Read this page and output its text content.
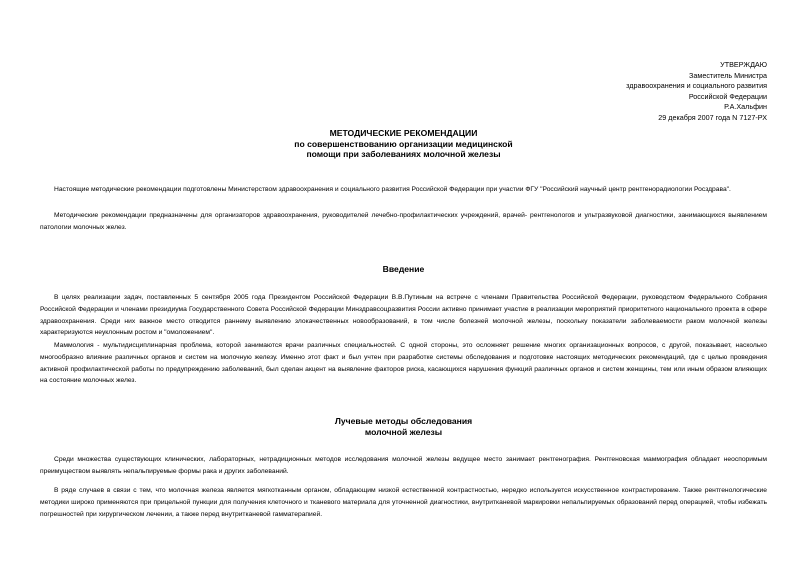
УТВЕРЖДАЮ
Заместитель Министра
здравоохранения и социального развития
Российской Федерации
Р.А.Хальфин
29 декабря 2007 года N 7127-РХ
МЕТОДИЧЕСКИЕ РЕКОМЕНДАЦИИ
по совершенствованию организации медицинской
помощи при заболеваниях молочной железы
Настоящие методические рекомендации подготовлены Министерством здравоохранения и социального развития Российской Федерации при участии ФГУ "Российский научный центр рентгенорадиологии Росздрава".
Методические рекомендации предназначены для организаторов здравоохранения, руководителей лечебно-профилактических учреждений, врачей- рентгенологов и ультразвуковой диагностики, занимающихся выявлением патологии молочных желез.
Введение
В целях реализации задач, поставленных 5 сентября 2005 года Президентом Российской Федерации В.В.Путиным на встрече с членами Правительства Российской Федерации, руководством Федерального Собрания Российской Федерации и членами президиума Государственного Совета Российской Федерации Минздравсоцразвития России активно принимает участие в реализации мероприятий приоритетного национального проекта в сфере здравоохранения. Среди них важное место отводится раннему выявлению злокачественных новообразований, в том числе болезней молочной железы, поскольку показатели заболеваемости раком молочной железы характеризуются неуклонным ростом и "омоложением".
Маммология - мультидисциплинарная проблема, которой занимаются врачи различных специальностей. С одной стороны, это осложняет решение многих организационных вопросов, с другой, показывает, насколько многообразно влияние различных органов и систем на молочную железу. Именно этот факт и был учтен при разработке системы обследования и подготовке настоящих методических рекомендаций, где с целью проведения активной профилактической работы по предупреждению заболеваний, был сделан акцент на выявление факторов риска, касающихся нарушения функций различных органов и систем женщины, тем или иным образом влияющих на состояние молочных желез.
Лучевые методы обследования
молочной железы
Среди множества существующих клинических, лабораторных, нетрадиционных методов исследования молочной железы ведущее место занимает рентгенография. Рентгеновская маммография обладает неоспоримым преимуществом выявлять непальпируемые формы рака и других заболеваний.
В ряде случаев в связи с тем, что молочная железа является мягкотканным органом, обладающим низкой естественной контрастностью, нередко используется искусственное контрастирование. Также рентгенологические методики широко применяются при прицельной пункции для получения клеточного и тканевого материала для уточненной диагностики, внутритканевой маркировки непальпируемых образований перед операцией, чтобы избежать погрешностей при хирургическом лечении, а также перед внутритканевой гамматерапией.
